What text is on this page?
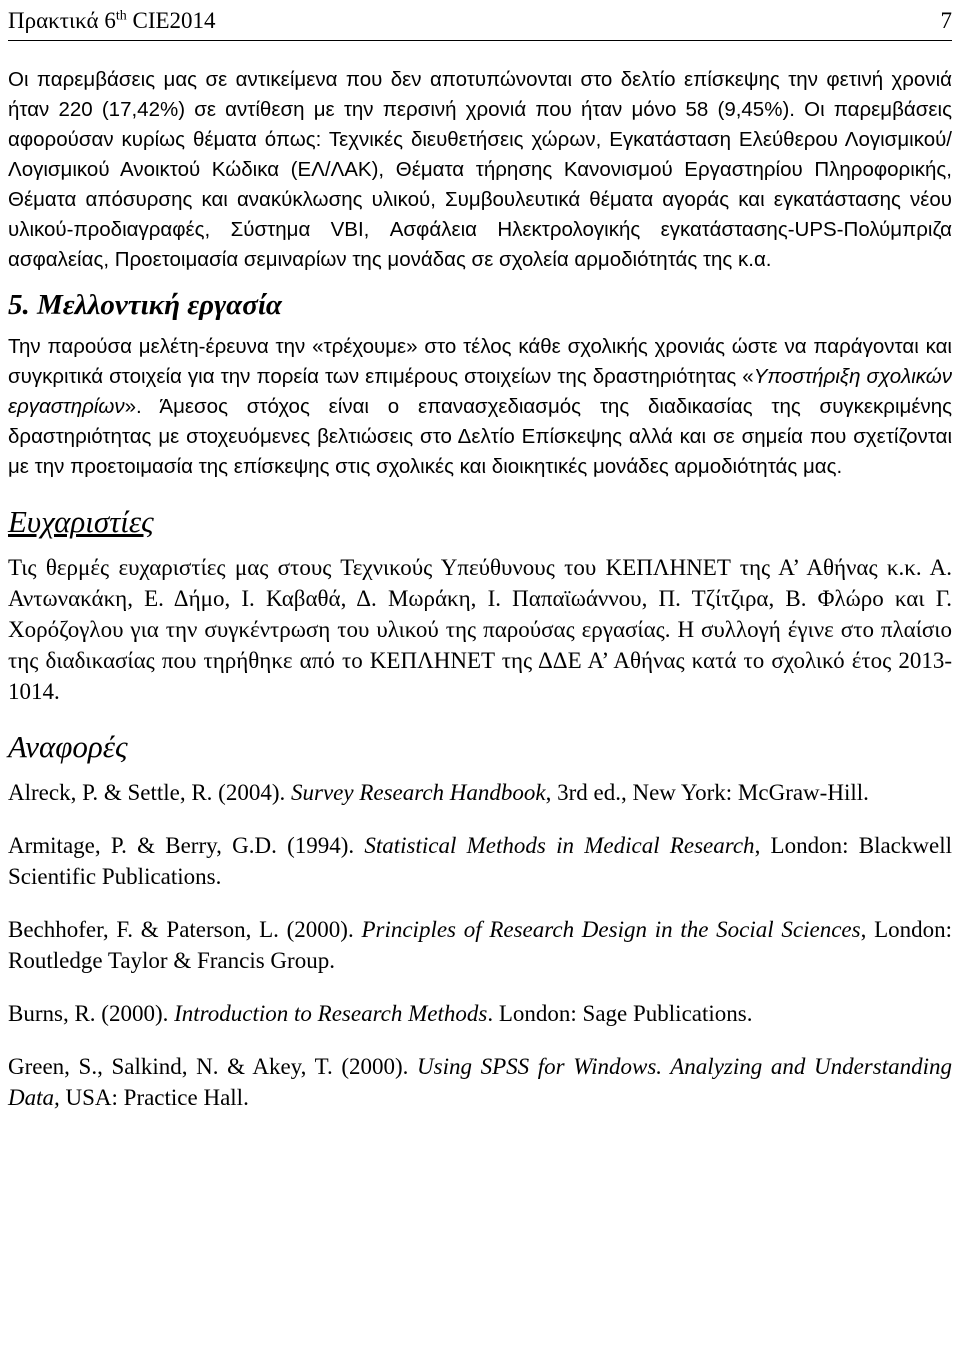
Πρακτικά 6th CIE2014	7

Οι παρεμβάσεις μας σε αντικείμενα που δεν αποτυπώνονται στο δελτίο επίσκεψης την φετινή χρονιά ήταν 220 (17,42%) σε αντίθεση με την περσινή χρονιά που ήταν μόνο 58 (9,45%). Οι παρεμβάσεις αφορούσαν κυρίως θέματα όπως: Τεχνικές διευθετήσεις χώρων, Εγκατάσταση Ελεύθερου Λογισμικού/ Λογισμικού Ανοικτού Κώδικα (ΕΛ/ΛΑΚ), Θέματα τήρησης Κανονισμού Εργαστηρίου Πληροφορικής, Θέματα απόσυρσης και ανακύκλωσης υλικού, Συμβουλευτικά θέματα αγοράς και εγκατάστασης νέου υλικού-προδιαγραφές, Σύστημα VBI, Ασφάλεια Ηλεκτρολογικής εγκατάστασης-UPS-Πολύμπριζα ασφαλείας, Προετοιμασία σεμιναρίων της μονάδας σε σχολεία αρμοδιότητάς της κ.α.

5. Μελλοντική εργασία

Την παρούσα μελέτη-έρευνα την «τρέχουμε» στο τέλος κάθε σχολικής χρονιάς ώστε να παράγονται και συγκριτικά στοιχεία για την πορεία των επιμέρους στοιχείων της δραστηριότητας «Υποστήριξη σχολικών εργαστηρίων». Άμεσος στόχος είναι ο επανασχεδιασμός της διαδικασίας της συγκεκριμένης δραστηριότητας με στοχευόμενες βελτιώσεις στο Δελτίο Επίσκεψης αλλά και σε σημεία που σχετίζονται με την προετοιμασία της επίσκεψης στις σχολικές και διοικητικές μονάδες αρμοδιότητάς μας.

Ευχαριστίες

Τις θερμές ευχαριστίες μας στους Τεχνικούς Υπεύθυνους του ΚΕΠΛΗΝΕΤ της Α’ Αθήνας κ.κ. Α. Αντωνακάκη, Ε. Δήμο, Ι. Καβαθά, Δ. Μωράκη, Ι. Παπαϊωάννου, Π. Τζίτζιρα, Β. Φλώρο και Γ. Χορόζογλου για την συγκέντρωση του υλικού της παρούσας εργασίας. Η συλλογή έγινε στο πλαίσιο της διαδικασίας που τηρήθηκε από το ΚΕΠΛΗΝΕΤ της ΔΔΕ Α’ Αθήνας κατά το σχολικό έτος 2013-1014.

Αναφορές

Alreck, P. & Settle, R. (2004). Survey Research Handbook, 3rd ed., New York: McGraw-Hill.

Armitage, P. & Berry, G.D. (1994). Statistical Methods in Medical Research, London: Blackwell Scientific Publications.

Bechhofer, F. & Paterson, L. (2000). Principles of Research Design in the Social Sciences, London: Routledge Taylor & Francis Group.

Burns, R. (2000). Introduction to Research Methods. London: Sage Publications.

Green, S., Salkind, N. & Akey, T. (2000). Using SPSS for Windows. Analyzing and Understanding Data, USA: Practice Hall.
